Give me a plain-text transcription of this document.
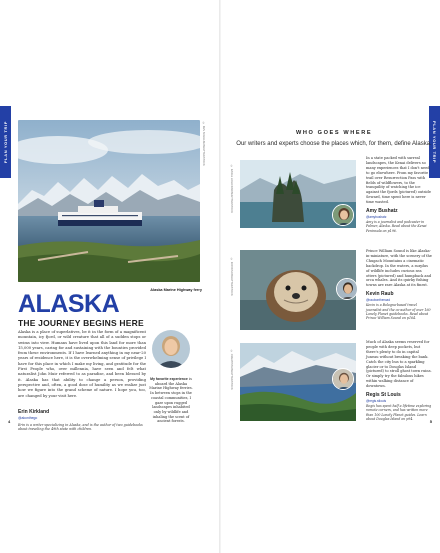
PLAN YOUR TRIP	© KEN SCHULZE/SHUTTERSTOCK
Alaska Marine Highway ferry
ALASKA
THE JOURNEY BEGINS HERE

Alaska is a place of superlatives, be it in the form of a magnificent mountain, icy fjord, or wild creature that all of a sudden stops or swims into view. Humans have lived upon this land for more than 15,000 years, caring for and sustaining with the bounties provided from these environments. If I have learned anything in my near-20 years of residence here, it is the overwhelming sense of privilege I have for this place in which I make my living, and gratitude for the First People who, over millennia, have seen and felt what naturalist John Muir referred to as paradise, and been blessed by it. Alaska has that ability to change a person, providing perspective and, often, a good dose of humility as we realize just how we figure into the grand scheme of nature. I hope you, too, are changed by your visit here.

Erin Kirkland
@akonthego

Erin is a writer specializing in Alaska, and is the author of two guidebooks about traveling the 49th state with children.

My favorite experience is aboard the Alaska Marine Highway ferries. In between stops in the coastal communities, I gaze upon rugged landscapes inhabited only by wildlife and inhaling the scent of ancient forests.

4
PLAN YOUR TRIP
WHO GOES WHERE

Our writers and experts choose the places which, for them, define Alaska.

© RASAL LOGICPAD/SHUTTERSTOCK
© RONSINO/SHUTTERSTOCK
© CREATISTA/SHUTTERSTOCK

In a state packed with surreal landscapes, the Kenai delivers so many experiences that I don't need to go elsewhere. From my favorite trail over Resurrection Pass with fields of wildflowers, to the tranquility of watching the ice against the fjords (pictured) outside Seward, time spent here is never time wasted.

Amy Bushatz
@amybushatz

Amy is a journalist and podcaster in Palmer, Alaska. Read about the Kenai Peninsula on p196.

Prince William Sound is like Alaska-in-miniature, with the scenery of the Chugach Mountains a cinematic backdrop. In the waters, a surplus of wildlife includes curious sea otters (pictured) and humpback and orca whales. And its quirky fishing towns are rare Alaska at its finest.

Kevin Raub
@raubontheroad

Kevin is a Bologna-based travel journalist and the co-author of over 160 Lonely Planet guidebooks. Read about Prince William Sound on p164.

Much of Alaska seems reserved for people with deep pockets, but there's plenty to do in capital Juneau without breaking the bank. Catch the city bus to a sparkling glacier or to Douglas Island (pictured) to stroll ghost town ruins. Or simply try the fabulous hikes within walking distance of downtown.

Regis St Louis
@regis.stlouis

Regis has spent half a lifetime exploring remote corners, and has written more than 100 Lonely Planet guides. Learn about Douglas Island on p94.

5
